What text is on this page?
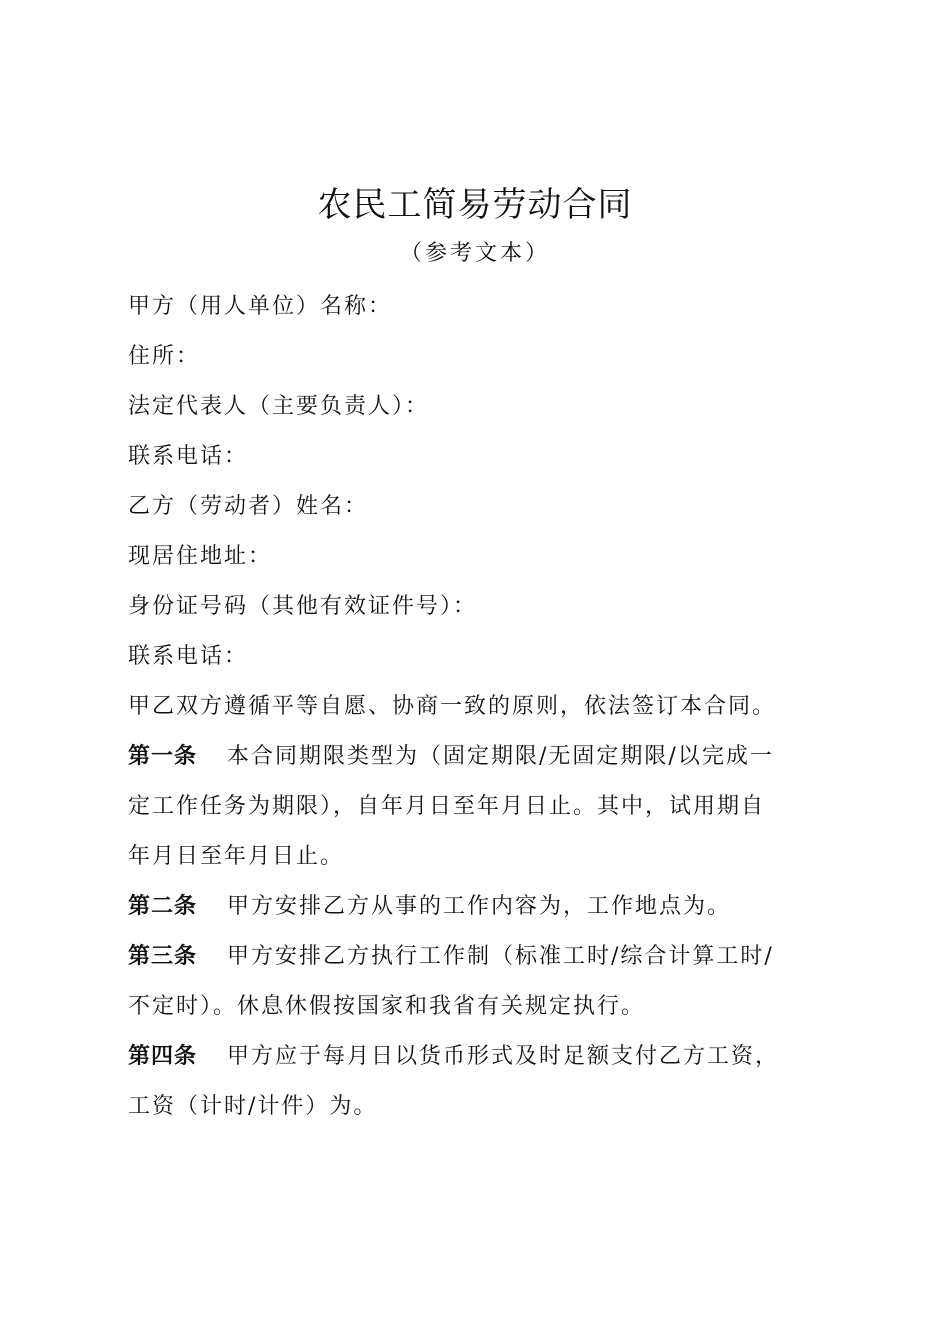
农民工简易劳动合同
（参考文本）

甲方（用人单位）名称：

住所：

法定代表人（主要负责人）：

联系电话：

乙方（劳动者）姓名：

现居住地址：

身份证号码（其他有效证件号）：

联系电话：

甲乙双方遵循平等自愿、协商一致的原则，依法签订本合同。

第一条 本合同期限类型为（固定期限/无固定期限/以完成一

定工作任务为期限），自年月日至年月日止。其中，试用期自

年月日至年月日止。

第二条 甲方安排乙方从事的工作内容为，工作地点为。

第三条 甲方安排乙方执行工作制（标准工时/综合计算工时/

不定时）。休息休假按国家和我省有关规定执行。

第四条 甲方应于每月日以货币形式及时足额支付乙方工资，

工资（计时/计件）为。
